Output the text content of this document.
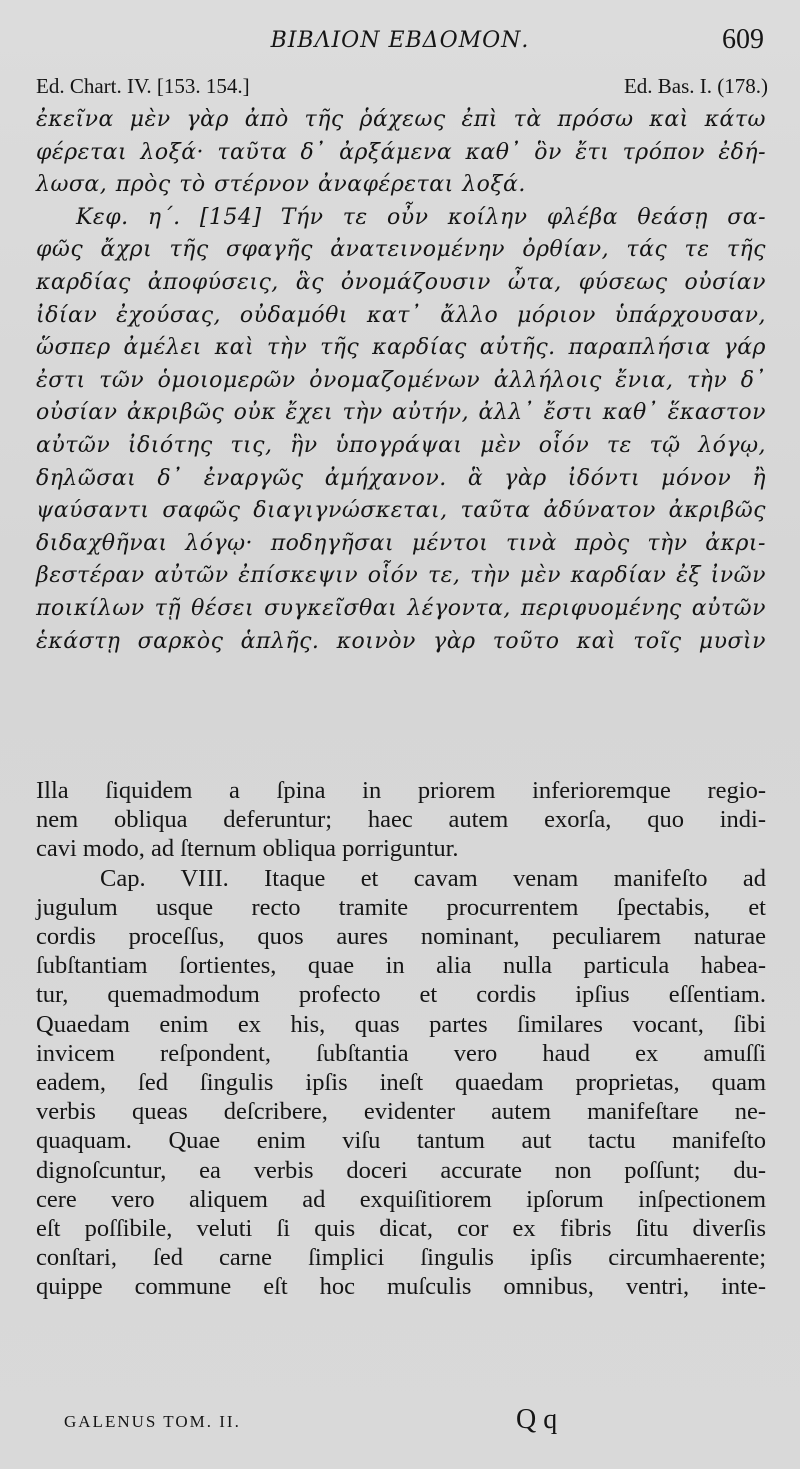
ΒΙΒΛΙΟΝ ΕΒΔΟΜΟΝ.	609
Ed. Chart. IV. [153. 154.]	Ed. Bas. I. (178.)
ἐκεῖνα μὲν γὰρ ἀπὸ τῆς ῥάχεως ἐπὶ τὰ πρόσω καὶ κάτω
φέρεται λοξά· ταῦτα δ᾽ ἀρξάμενα καθ᾽ ὃν ἔτι τρόπον ἐδή-
λωσα, πρὸς τὸ στέρνον ἀναφέρεται λοξά.
Κεφ. η΄. [154] Τήν τε οὖν κοίλην φλέβα θεάσῃ σα-
φῶς ἄχρι τῆς σφαγῆς ἀνατεινομένην ὀρθίαν, τάς τε τῆς
καρδίας ἀποφύσεις, ἃς ὀνομάζουσιν ὦτα, φύσεως οὐσίαν
ἰδίαν ἐχούσας, οὐδαμόθι κατ᾽ ἄλλο μόριον ὑπάρχουσαν,
ὥσπερ ἀμέλει καὶ τὴν τῆς καρδίας αὐτῆς. παραπλήσια γάρ
ἐστι τῶν ὁμοιομερῶν ὀνομαζομένων ἀλλήλοις ἔνια, τὴν δ᾽
οὐσίαν ἀκριβῶς οὐκ ἔχει τὴν αὐτήν, ἀλλ᾽ ἔστι καθ᾽ ἕκαστον
αὐτῶν ἰδιότης τις, ἣν ὑπογράψαι μὲν οἷόν τε τῷ λόγῳ,
δηλῶσαι δ᾽ ἐναργῶς ἀμήχανον. ἃ γὰρ ἰδόντι μόνον ἢ
ψαύσαντι σαφῶς διαγιγνώσκεται, ταῦτα ἀδύνατον ἀκριβῶς
διδαχθῆναι λόγῳ· ποδηγῆσαι μέντοι τινὰ πρὸς τὴν ἀκρι-
βεστέραν αὐτῶν ἐπίσκεψιν οἷόν τε, τὴν μὲν καρδίαν ἐξ ἰνῶν
ποικίλων τῇ θέσει συγκεῖσθαι λέγοντα, περιφυομένης αὐτῶν
ἑκάστῃ σαρκὸς ἁπλῆς. κοινὸν γὰρ τοῦτο καὶ τοῖς μυσὶν
Illa ſiquidem a ſpina in priorem inferioremque regio-
nem obliqua deferuntur; haec autem exorſa, quo indi-
cavi modo, ad ſternum obliqua porriguntur.
Cap. VIII. Itaque et cavam venam manifeſto ad
jugulum usque recto tramite procurrentem ſpectabis, et
cordis proceſſus, quos aures nominant, peculiarem naturae
ſubſtantiam ſortientes, quae in alia nulla particula habea-
tur, quemadmodum profecto et cordis ipſius eſſentiam.
Quaedam enim ex his, quas partes ſimilares vocant, ſibi
invicem reſpondent, ſubſtantia vero haud ex amuſſi
eadem, ſed ſingulis ipſis ineſt quaedam proprietas, quam
verbis queas deſcribere, evidenter autem manifeſtare ne-
quaquam. Quae enim viſu tantum aut tactu manifeſto
dignoſcuntur, ea verbis doceri accurate non poſſunt; du-
cere vero aliquem ad exquiſitiorem ipſorum inſpectionem
eſt poſſibile, veluti ſi quis dicat, cor ex fibris ſitu diverſis
conſtari, ſed carne ſimplici ſingulis ipſis circumhaerente;
quippe commune eſt hoc muſculis omnibus, ventri, inte-
GALENUS TOM. II.	Q q
